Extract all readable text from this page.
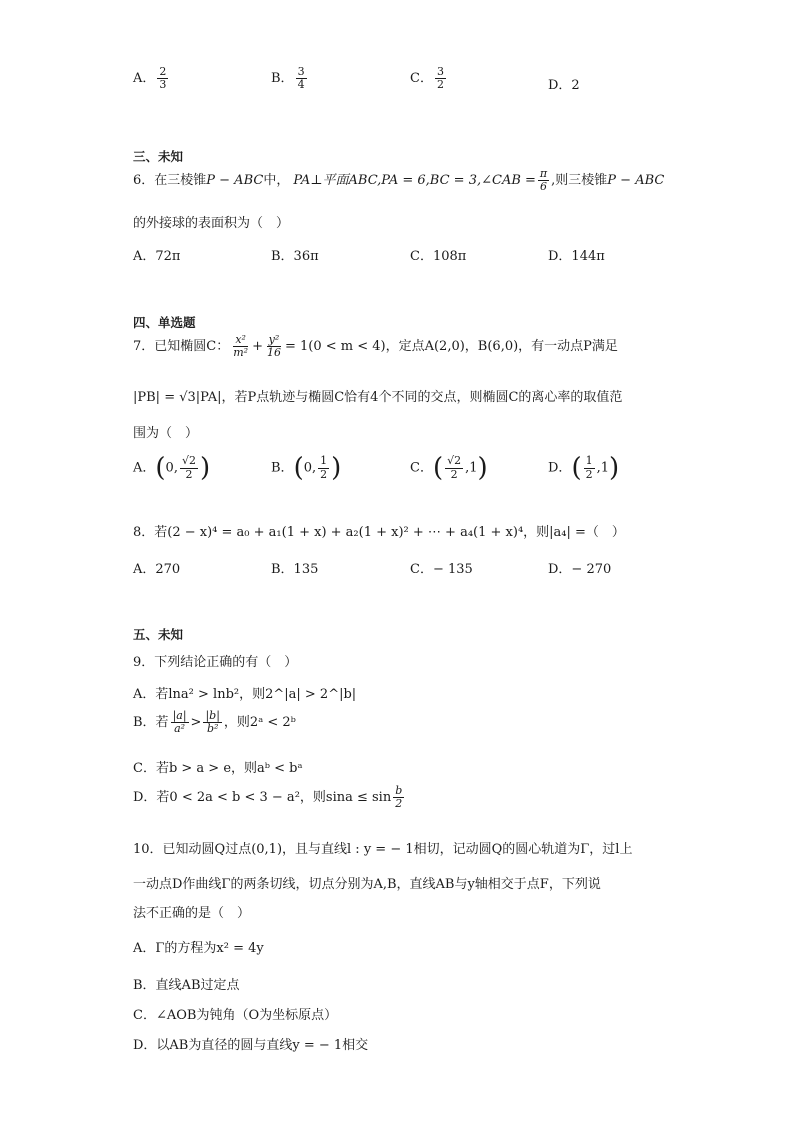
A． $\frac{2}{3}$	B． $\frac{3}{4}$	C． $\frac{3}{2}$	D．2
三、未知
6．在三棱锥P − ABC中， PA⊥平面ABC,PA = 6,BC = 3,∠CAB = $\frac{\pi}{6}$ ,则三棱锥P − ABC
的外接球的表面积为（　）
A．72π	B．36π	C．108π	D．144π
四、单选题
7．已知椭圆C： $\frac{\text{x²}}{\text{m²}} + \frac{\text{y²}}{16} = 1(0 < m < 4)$，定点A(2,0)，B(6,0)，有一动点P满足
|PB| = √3|PA|，若P点轨迹与椭圆C恰有4个不同的交点，则椭圆C的离心率的取值范
围为（　）
A．(0, $\frac{√2}{2}$ )	B．(0, $\frac{1}{2}$ )	C．( $\frac{√2}{2} ,1$)	D．( $\frac{1}{2} ,1$)
8．若(2 − x)⁴ = a₀ + a₁(1 + x) + a₂(1 + x)² + ⋯ + a₄(1 + x)⁴，则|a₄| =（　）
A．270	B．135	C．− 135	D．− 270
五、未知
9．下列结论正确的有（　）
A．若lna² > lnb²，则2^|a| > 2^|b|
B．若 $\frac{|a|}{\text{a²}} > \frac{|b|}{\text{b²}}$ ，则2ᵃ < 2ᵇ
C．若b > a > e，则aᵇ < bᵃ
D．若0 < 2a < b < 3 − a²，则$\sin a \le \sin \frac{b}{2}$
10．已知动圆Q过点(0,1)，且与直线l : y = − 1相切，记动圆Q的圆心轨道为Γ，过l上
一动点D作曲线Γ的两条切线，切点分别为A,B，直线AB与y轴相交于点F，下列说
法不正确的是（　）
A．Γ的方程为x² = 4y
B．直线AB过定点
C．∠AOB为钝角（O为坐标原点）
D．以AB为直径的圆与直线y = − 1相交
